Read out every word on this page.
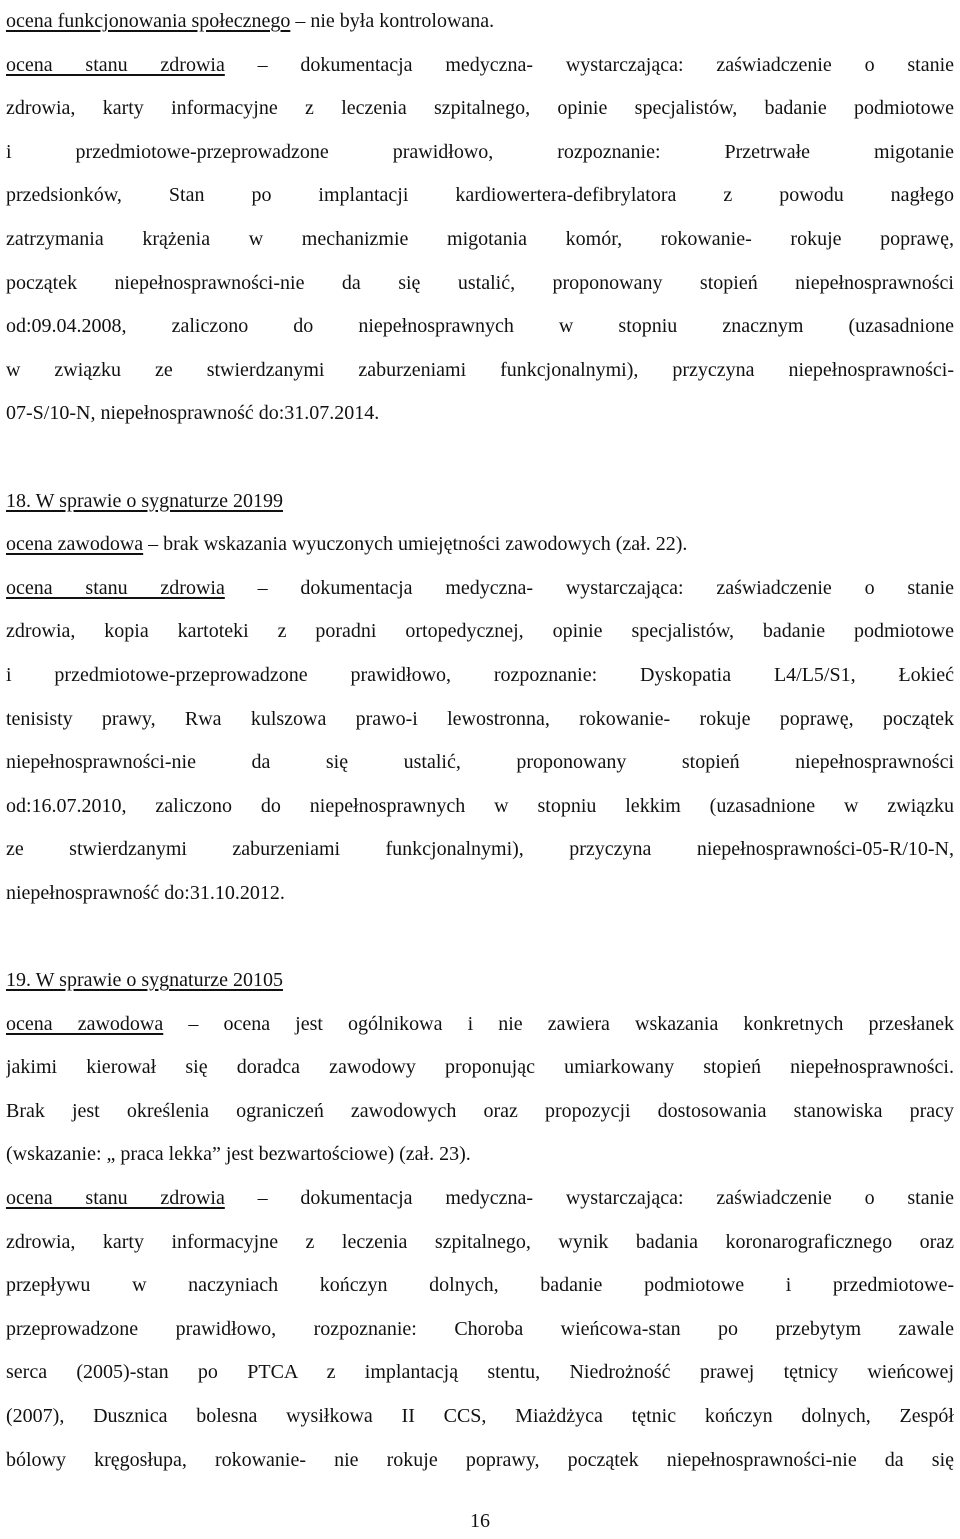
ocena funkcjonowania społecznego – nie była kontrolowana.
ocena stanu zdrowia – dokumentacja medyczna- wystarczająca: zaświadczenie o stanie
zdrowia, karty informacyjne z leczenia szpitalnego, opinie specjalistów, badanie podmiotowe
i przedmiotowe-przeprowadzone prawidłowo, rozpoznanie: Przetrwałe migotanie
przedsionków, Stan po implantacji kardiowertera-defibrylatora z powodu nagłego
zatrzymania krążenia w mechanizmie migotania komór, rokowanie- rokuje poprawę,
początek niepełnosprawności-nie da się ustalić, proponowany stopień niepełnosprawności
od:09.04.2008, zaliczono do niepełnosprawnych w stopniu znacznym (uzasadnione
w związku ze stwierdzanymi zaburzeniami funkcjonalnymi), przyczyna niepełnosprawności-
07-S/10-N, niepełnosprawność do:31.07.2014.
18. W sprawie o sygnaturze 20199
ocena zawodowa – brak wskazania wyuczonych umiejętności zawodowych (zał. 22).
ocena stanu zdrowia – dokumentacja medyczna- wystarczająca: zaświadczenie o stanie
zdrowia, kopia kartoteki z poradni ortopedycznej, opinie specjalistów, badanie podmiotowe
i przedmiotowe-przeprowadzone prawidłowo, rozpoznanie: Dyskopatia L4/L5/S1, Łokieć
tenisisty prawy, Rwa kulszowa prawo-i lewostronna, rokowanie- rokuje poprawę, początek
niepełnosprawności-nie da się ustalić, proponowany stopień niepełnosprawności
od:16.07.2010, zaliczono do niepełnosprawnych w stopniu lekkim (uzasadnione w związku
ze stwierdzanymi zaburzeniami funkcjonalnymi), przyczyna niepełnosprawności-05-R/10-N,
niepełnosprawność do:31.10.2012.
19. W sprawie o sygnaturze 20105
ocena zawodowa – ocena jest ogólnikowa i nie zawiera wskazania konkretnych przesłanek
jakimi kierował się doradca zawodowy proponując umiarkowany stopień niepełnosprawności.
Brak jest określenia ograniczeń zawodowych oraz propozycji dostosowania stanowiska pracy
(wskazanie: „ praca lekka” jest bezwartościowe) (zał. 23).
ocena stanu zdrowia – dokumentacja medyczna- wystarczająca: zaświadczenie o stanie
zdrowia, karty informacyjne z leczenia szpitalnego, wynik badania koronarograficznego oraz
przepływu w naczyniach kończyn dolnych, badanie podmiotowe i przedmiotowe-
przeprowadzone prawidłowo, rozpoznanie: Choroba wieńcowa-stan po przebytym zawale
serca (2005)-stan po PTCA z implantacją stentu, Niedrożność prawej tętnicy wieńcowej
(2007), Dusznica bolesna wysiłkowa II CCS, Miażdżyca tętnic kończyn dolnych, Zespół
bólowy kręgosłupa, rokowanie- nie rokuje poprawy, początek niepełnosprawności-nie da się
16
